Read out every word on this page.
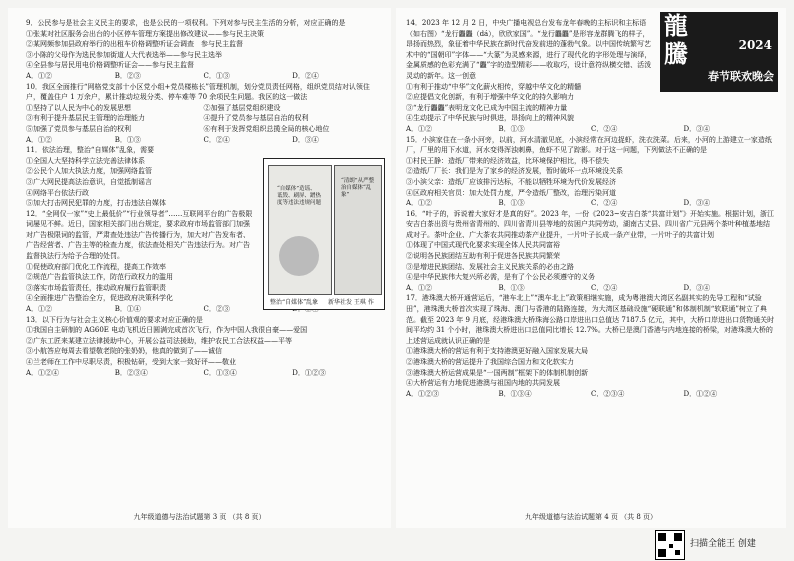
9．公民参与是社会主义民主的要求，也是公民的一项权利。下列对参与民主生活的分析，对应正确的是
①张某对社区服务会出台的小区停车管理方案提出修改建议——参与民主决策
②某网频参加县政府举行的出租车价格调整听证会调查　参与民主监督
③小陈的父母作为选民参加街道人大代表选举——参与民主选举
④全县参与居民用电价格调整听证会——参与民主监督
A．①②	B．②③	C．①③	D．②④
10．我区全面推行“网格党支部十小区党小组+党员楼栋长”管理机制，划分党员责任网格，组织党员结对认领住户，覆盖住户 1 万余户，累计推动垃圾分类、停车难等 70 余项民生问题。我区的这一做法
①坚持了以人民为中心的发展思想	②加强了基层党组织建设
③有利于提升基层民主管理的治理能力	④提升了党员参与基层自治的权利
⑤加强了党员参与基层自治的权利	⑥有利于发挥党组织总揽全局的核心地位
A．①②	B．①③	C．②④	D．③④
11．依法治理，整治“自媒体”乱象，需要
①全国人大坚持科学立法完善法律体系
②公民个人加大执法力度，加强网络监管
③广大网民提高法治意识，自觉抵制谣言
④网络平台依法行政
⑤加大打击网民犯罪的力度，打击违法自媒体
12．“全网仅一家”“史上最低价”“行业领导者”……互联网平台的广告极限词屡见不鲜。近日，国家相关部门出台规定，要求政府市场监管部门加强对广告极限词的监管，严肃查处违法广告传播行为，加大对广告发布者、广告经营者、广告主等的检查力度，依法查处相关广告违法行为。对广告监督执法行为给予合理的处罚。
①促使政府部门优化工作流程，提高工作效率
②规范广告监管执法工作，防范行政权力的滥用
③落实市场监管责任，推动政府履行监管职责
④全面推进广告整治全方，促进政府决策科学化
A．①②	B．①④	C．②③
13．以下行为与社会主义核心价值观的要求对应正确的是
①我国自主研制的 AG60E 电动飞机近日圆满完成首次飞行，作为中国人我很自豪——爱国
②广东工匠来某建立法律援助中心，开展公益司法援助，维护农民工合法权益——平等
③小航答应每周去看望敬老院的张奶奶，他真的做到了——诚信
④兰老师在工作中尽职尽责，积极钻研，受到大家一致好评——敬业
A．①②④	B．②③④	C．①③④	D．①②③
“自媒体”造谣、诋毁、刷屏、蹭热度等违法违规问题
“清朗”从严整治自媒体“乱象”
整治“自媒体”乱象 新华社发 王琪 作
九年级道德与法治试题第 3 页 （共 8 页）
14．2023 年 12 月 2 日，中央广播电视总台发布龙年春晚的主标识和主标语（如右图）“龙行龘龘（dá），欣欣家国”。“龙行龘龘”是形容龙群腾飞的样子，昂扬而热烈，象征着中华民族在新时代奋发前进的蓬勃气象。以中国传统繁写艺术中的“国朝印”字体——“大篆”为灵感来源，进行了现代化的字形处理与演绎，金属质感的色彩充满了“龘”字的造型精彩——收取巧，设计意符纵横交错、活泼灵动的新年。这一创意
①有利于推动“中华”文化薪火相传，穿越中华文化的精髓
②应提倡文化创新，有利于增强中华文化的持久影响力
③“龙行龘龘”表明龙文化已成为中国主流的精神力量
④生动提示了中华民族与时俱进，昂扬向上的精神风貌
A．①②	B．①③	C．②④	D．③④
15．小滨家住在一条小河旁，以前，河水清澈见底，小滨经常在河边捉虾，洗衣洗菜。后来，小河的上游建立一家造纸厂，厂里的用下水道，河水变得浑浊刺鼻，鱼虾不见了踪影。对于这一问题，下列做法不正确的是
①村民王静：造纸厂带来的经济效益，比环境保护相比，得不偿失
②造纸厂厂长：我们是为了家乡的经济发展，暂时破坏一点环境没关系
③小滨父亲：造纸厂应该排污达标，不能以牺牲环境为代价发展经济
④区政府相关官员：加大处罚力度，严令造纸厂整改，治理污染河道
A．①②	B．①③	C．②④	D．③④
16．“叶子的，诉说着大家好才是真的好”。2023 年，一份《2023~安吉白茶“共富计划”》开始实施。根据计划，浙江安吉白茶出资与贵州省青州的、四川省青川县等地的贫困户共同劳动，湖南古丈县、四川省广元县两个茶叶种植基地结成对子。茶叶企业、广大茶农共同推动茶产业提升，一片叶子长成一条产业带，一片叶子的共富计划
①体现了中国式现代化要求实现全体人民共同富裕
②说明各民族团结互助有利于促进各民族共同繁荣
③是增进民族团结、发展社会主义民族关系的必由之路
④是中华民族伟大复兴所必需，是有了个公民必须遵守的义务
A．①②	B．①③	C．②④	D．③④
17．港珠澳大桥开通营运后，“港车北上”“澳车北上”政策相继实施，成为粤港澳大湾区名副其实的先导工程和“试验田”，港珠澳大桥首次实现了珠海、澳门与香港的陆路连接，为大湾区基础设施“硬联通”和体制机制“软联通”树立了典范。截至 2023 年 9 月底，经港珠澳大桥珠海公路口岸进出口总值达 7187.5 亿元，其中，大桥口岸进出口货物通关时间平均约 31 个小时，港珠澳大桥进出口总值同比增长 12.7%。大桥已是澳门香港与内地连接的桥梁，对港珠澳大桥的上述营运成就认识正确的是
①港珠澳大桥的营运有利于支持港澳更好融入国家发展大局
②港珠澳大桥的营运提升了我国综合国力和文化软实力
③港珠澳大桥运营成果是“一国两制”框架下的体制机制创新
④大桥营运有力地促进港澳与祖国内地的共同发展
A．①②③	B．①③④	C．②③④	D．①②④
龍
騰	2024
春节联欢晚会
九年级道德与法治试题第 4 页 （共 8 页）
扫描全能王 创建
